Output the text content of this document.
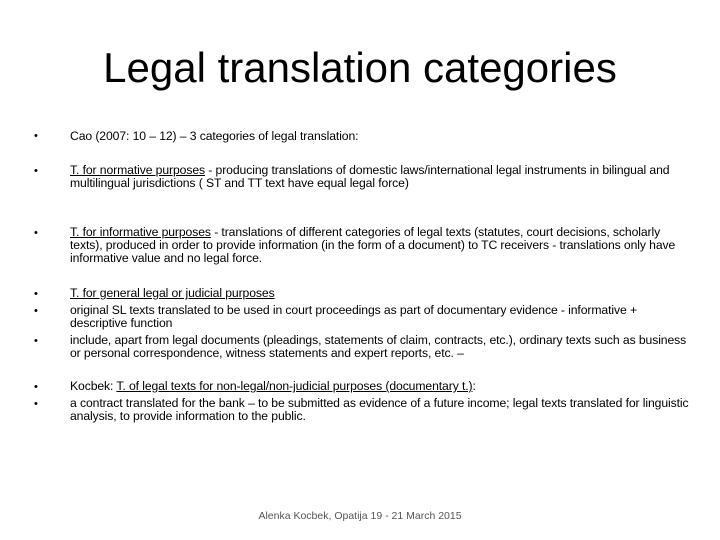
Legal translation categories
•	Cao (2007: 10 – 12) – 3 categories of legal translation:
•	T. for normative purposes - producing translations of domestic laws/international legal instruments in bilingual and multilingual jurisdictions ( ST and TT text have equal legal force)
•	T. for informative purposes - translations of different categories of legal texts (statutes, court decisions, scholarly texts), produced in order to provide information (in the form of a document) to TC receivers - translations only have informative value and no legal force.
•	T. for general legal or judicial purposes
•	original SL texts translated to be used in court proceedings as part of documentary evidence - informative + descriptive function
•	include, apart from legal documents (pleadings, statements of claim, contracts, etc.), ordinary texts such as business or personal correspondence, witness statements and expert reports, etc. –
•	Kocbek: T. of legal texts for non-legal/non-judicial purposes (documentary t.):
•	a contract translated for the bank – to be submitted as evidence of a future income; legal texts translated for linguistic analysis, to provide information to the public.
Alenka Kocbek, Opatija 19 - 21 March 2015
